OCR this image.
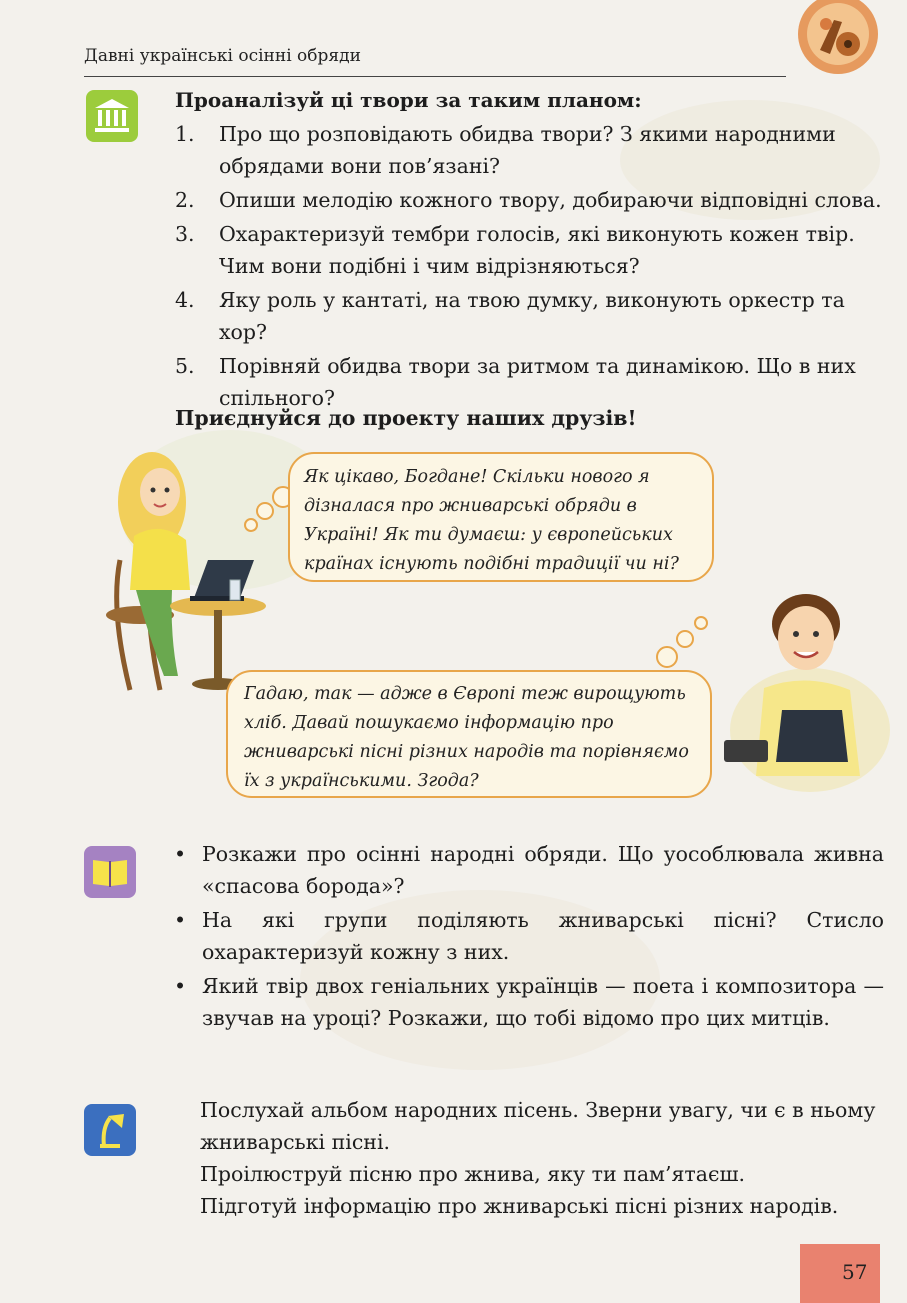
Давні українські осінні обряди
Проаналізуй ці твори за таким планом:
1. Про що розповідають обидва твори? З якими народними обрядами вони пов’язані?
2. Опиши мелодію кожного твору, добираючи відповідні слова.
3. Охарактеризуй тембри голосів, які виконують кожен твір. Чим вони подібні і чим відрізняються?
4. Яку роль у кантаті, на твою думку, виконують оркестр та хор?
5. Порівняй обидва твори за ритмом та динамікою. Що в них спільного?
Приєднуйся до проекту наших друзів!
Як цікаво, Богдане! Скільки нового я дізналася про жниварські обряди в Україні! Як ти думаєш: у європейських країнах існують подібні традиції чи ні?
Гадаю, так — адже в Європі теж вирощують хліб. Давай пошукаємо інформацію про жниварські пісні різних народів та порівняємо їх з українськими. Згода?
• Розкажи про осінні народні обряди. Що уособлювала живна «спасова борода»?
• На які групи поділяють жниварські пісні? Стисло охарактеризуй кожну з них.
• Який твір двох геніальних українців — поета і композитора — звучав на уроці? Розкажи, що тобі відомо про цих митців.

Послухай альбом народних пісень. Зверни увагу, чи є в ньому жниварські пісні.

Проілюструй пісню про жнива, яку ти пам’ятаєш.

Підготуй інформацію про жниварські пісні різних народів.

57
